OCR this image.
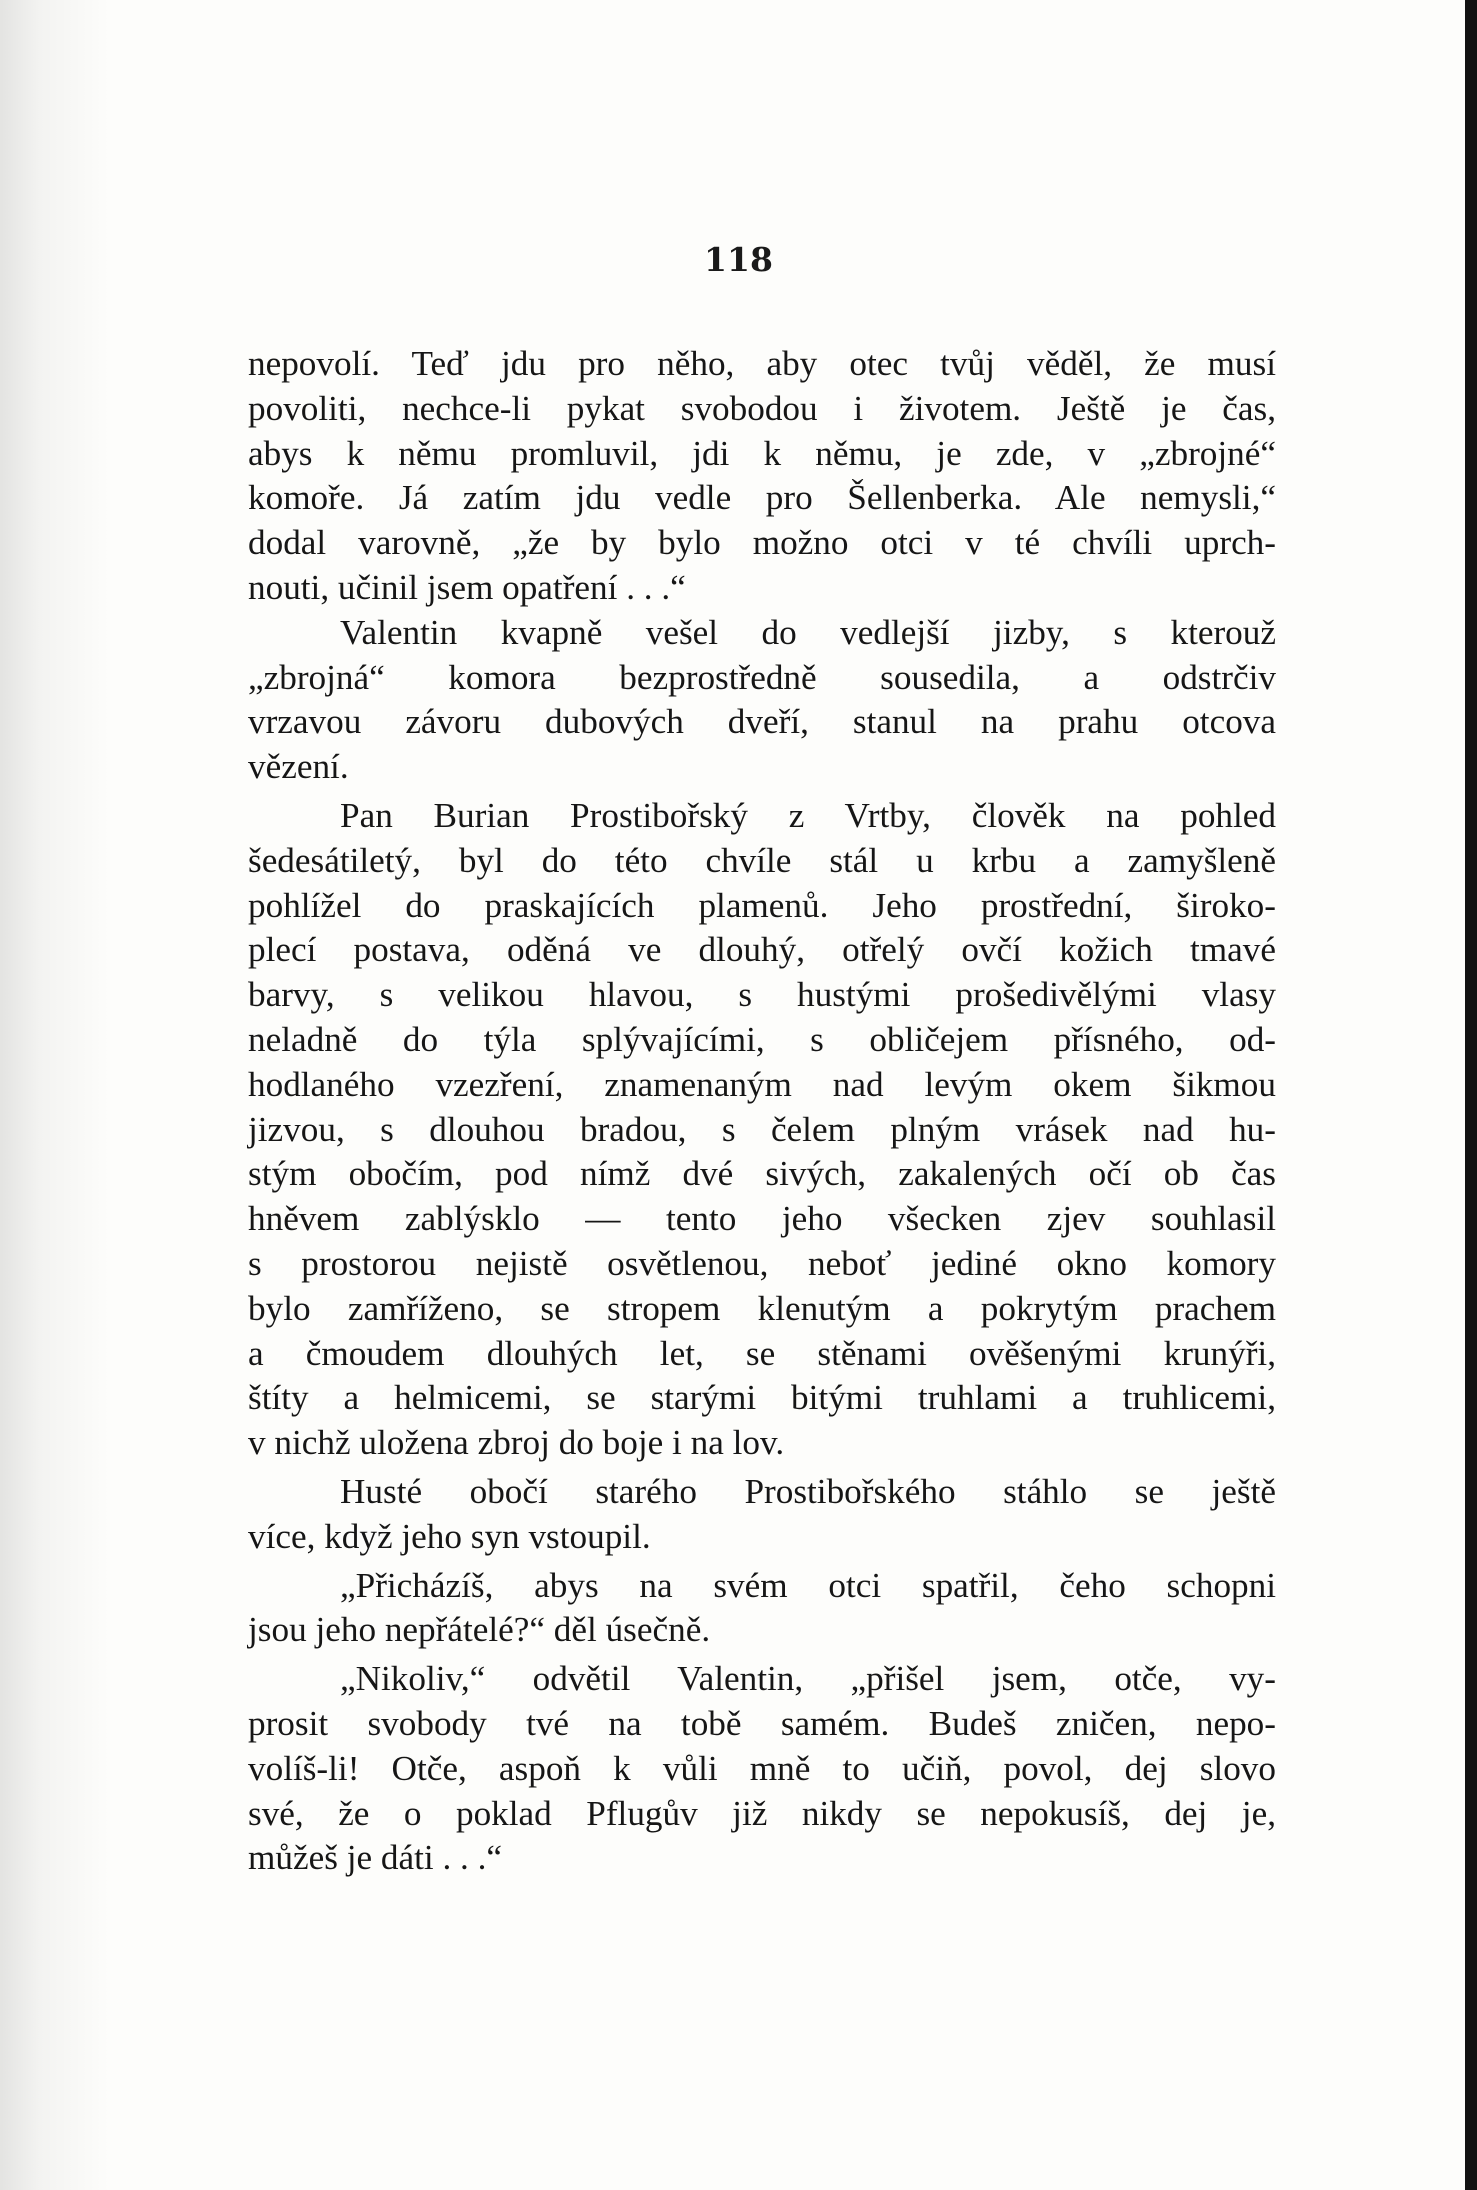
118

nepovolí. Teď jdu pro něho, aby otec tvůj věděl, že musí
povoliti, nechce-li pykat svobodou i životem. Ještě je čas,
abys k němu promluvil, jdi k němu, je zde, v „zbrojné“
komoře. Já zatím jdu vedle pro Šellenberka. Ale nemysli,“
dodal varovně, „že by bylo možno otci v té chvíli uprch-
nouti, učinil jsem opatření . . .“

Valentin kvapně vešel do vedlejší jizby, s kterouž
„zbrojná“ komora bezprostředně sousedila, a odstrčiv
vrzavou závoru dubových dveří, stanul na prahu otcova
vězení.

Pan Burian Prostibořský z Vrtby, člověk na pohled
šedesátiletý, byl do této chvíle stál u krbu a zamyšleně
pohlížel do praskajících plamenů. Jeho prostřední, široko-
plecí postava, oděná ve dlouhý, otřelý ovčí kožich tmavé
barvy, s velikou hlavou, s hustými prošedivělými vlasy
neladně do týla splývajícími, s obličejem přísného, od-
hodlaného vzezření, znamenaným nad levým okem šikmou
jizvou, s dlouhou bradou, s čelem plným vrásek nad hu-
stým obočím, pod nímž dvé sivých, zakalených očí ob čas
hněvem zablýsklo — tento jeho všecken zjev souhlasil
s prostorou nejistě osvětlenou, neboť jediné okno komory
bylo zamříženo, se stropem klenutým a pokrytým prachem
a čmoudem dlouhých let, se stěnami ověšenými krunýři,
štíty a helmicemi, se starými bitými truhlami a truhlicemi,
v nichž uložena zbroj do boje i na lov.

Husté obočí starého Prostibořského stáhlo se ještě
více, když jeho syn vstoupil.

„Přicházíš, abys na svém otci spatřil, čeho schopni
jsou jeho nepřátelé?“ děl úsečně.

„Nikoliv,“ odvětil Valentin, „přišel jsem, otče, vy-
prosit svobody tvé na tobě samém. Budeš zničen, nepo-
volíš-li! Otče, aspoň k vůli mně to učiň, povol, dej slovo
své, že o poklad Pflugův již nikdy se nepokusíš, dej je,
můžeš je dáti . . .“
